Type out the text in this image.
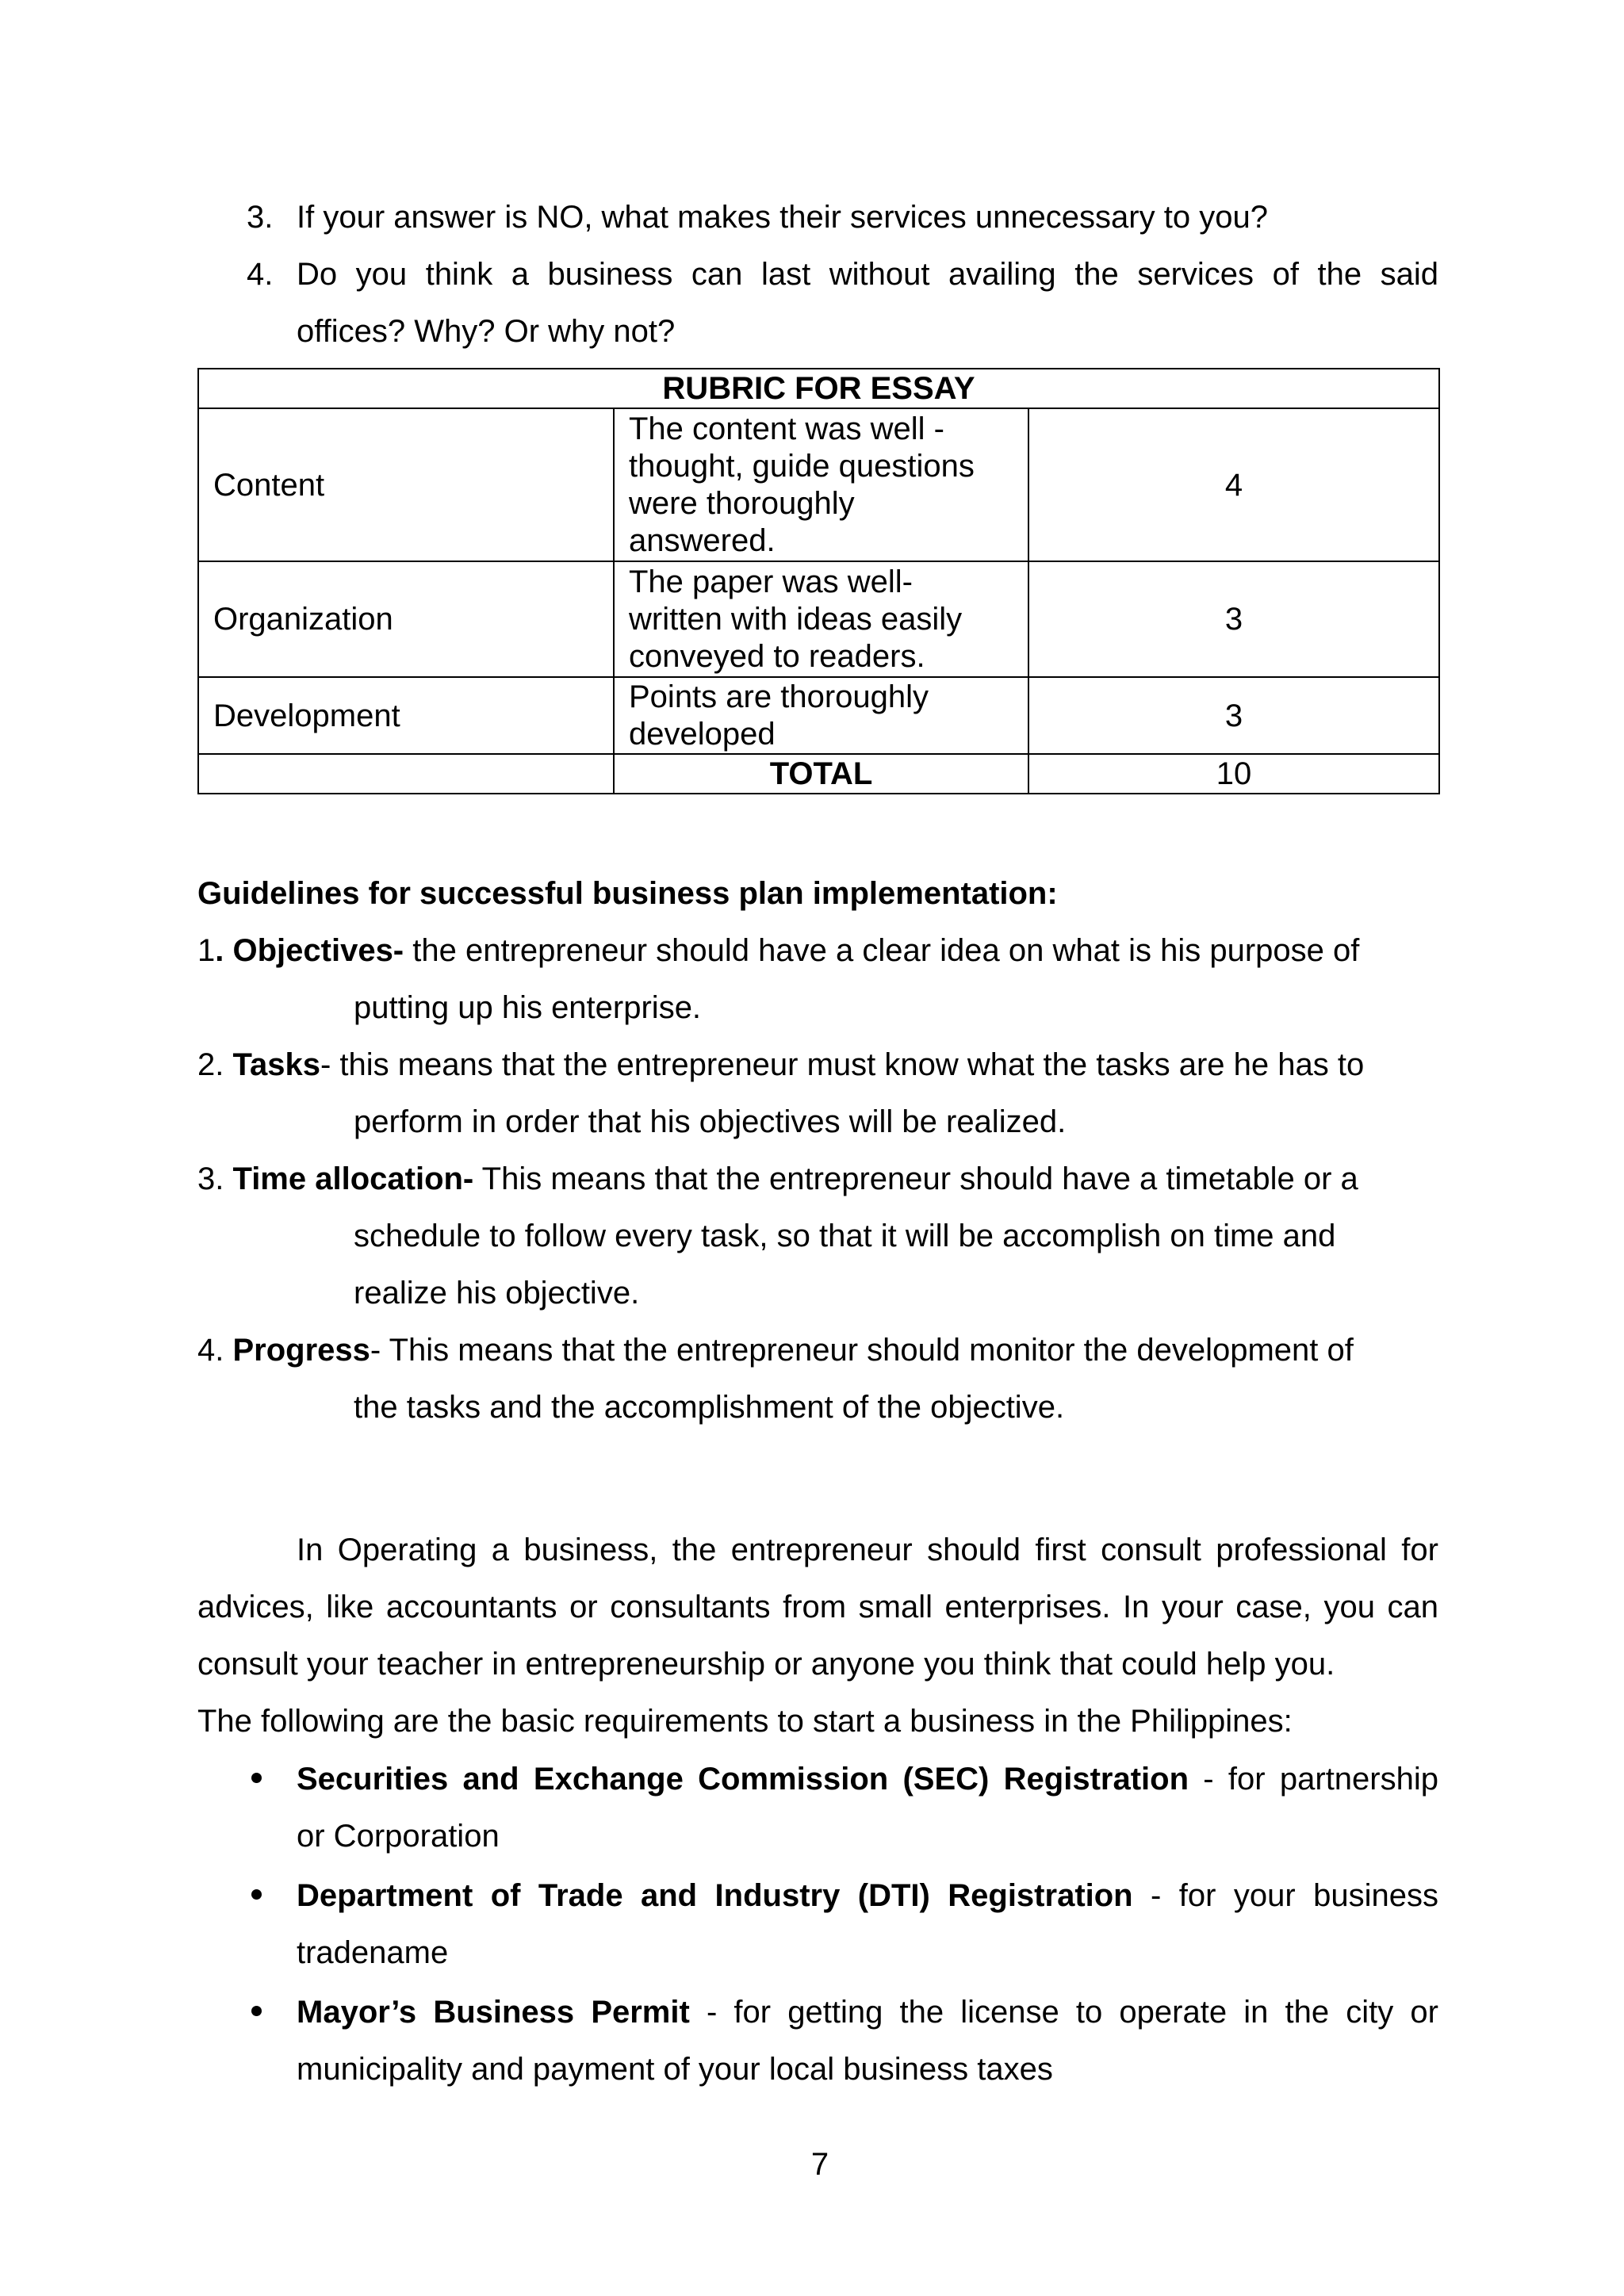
3. If your answer is NO, what makes their services unnecessary to you?
4. Do you think a business can last without availing the services of the said
offices? Why? Or why not?
RUBRIC FOR ESSAY		
Content	The content was well -
thought, guide questions
were thoroughly
answered.	4
Organization	The paper was well-
written with ideas easily
conveyed to readers.	3
Development	Points are thoroughly
developed	3
	TOTAL	10
Guidelines for successful business plan implementation:
1. Objectives- the entrepreneur should have a clear idea on what is his purpose of
putting up his enterprise.
2. Tasks- this means that the entrepreneur must know what the tasks are he has to
perform in order that his objectives will be realized.
3. Time allocation- This means that the entrepreneur should have a timetable or a
schedule to follow every task, so that it will be accomplish on time and
realize his objective.
4. Progress- This means that the entrepreneur should monitor the development of
the tasks and the accomplishment of the objective.
In Operating a business, the entrepreneur should first consult professional for
advices, like accountants or consultants from small enterprises. In your case, you can
consult your teacher in entrepreneurship or anyone you think that could help you.
The following are the basic requirements to start a business in the Philippines:
Securities and Exchange Commission (SEC) Registration - for partnership
or Corporation
Department of Trade and Industry (DTI) Registration - for your business
tradename
Mayor’s Business Permit - for getting the license to operate in the city or
municipality and payment of your local business taxes
7
